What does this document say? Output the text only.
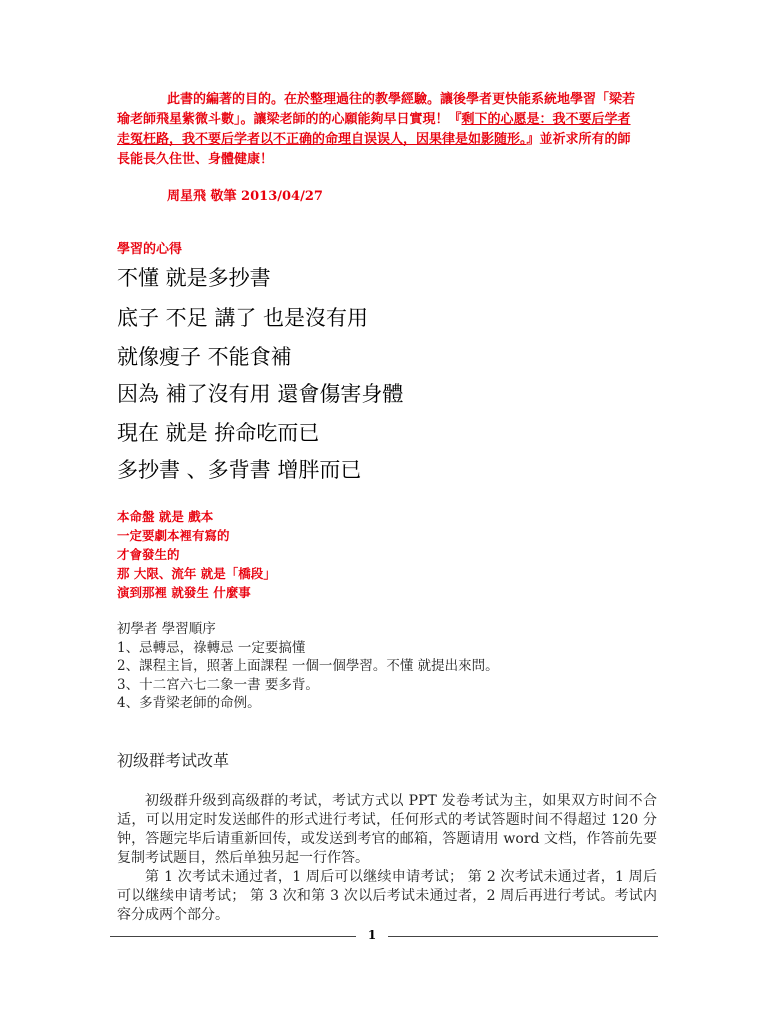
此書的編著的目的。在於整理過往的教學經驗。讓後學者更快能系統地學習「梁若
瑜老師飛星紫微斗數」。讓梁老師的的心願能夠早日實現！『剩下的心愿是：我不要后学者
走冤枉路，我不要后学者以不正确的命理自误误人，因果律是如影随形。』並祈求所有的師
長能長久住世、身體健康！
周星飛 敬筆 2013/04/27
學習的心得
不懂 就是多抄書
底子 不足 講了 也是沒有用
就像瘦子 不能食補
因為 補了沒有用 還會傷害身體
現在 就是 拚命吃而已
多抄書 、多背書 增胖而已
本命盤 就是 戲本
一定要劇本裡有寫的
才會發生的
那 大限、流年 就是「橋段」
演到那裡 就發生 什麼事
初學者 學習順序
1、忌轉忌，祿轉忌 一定要搞懂
2、課程主旨，照著上面課程 一個一個學習。不懂 就提出來問。
3、十二宮六七二象一書 要多背。
4、多背梁老師的命例。
初级群考试改革

初级群升级到高级群的考试，考试方式以 PPT 发卷考试为主，如果双方时间不合适，可以用定时发送邮件的形式进行考试，任何形式的考试答题时间不得超过 120 分钟，答题完毕后请重新回传，或发送到考官的邮箱，答题请用 word 文档，作答前先要复制考试题目，然后单独另起一行作答。

第 1 次考试未通过者，1 周后可以继续申请考试； 第 2 次考试未通过者，1 周后可以继续申请考试； 第 3 次和第 3 次以后考试未通过者，2 周后再进行考试。考试内容分成两个部分。

1
